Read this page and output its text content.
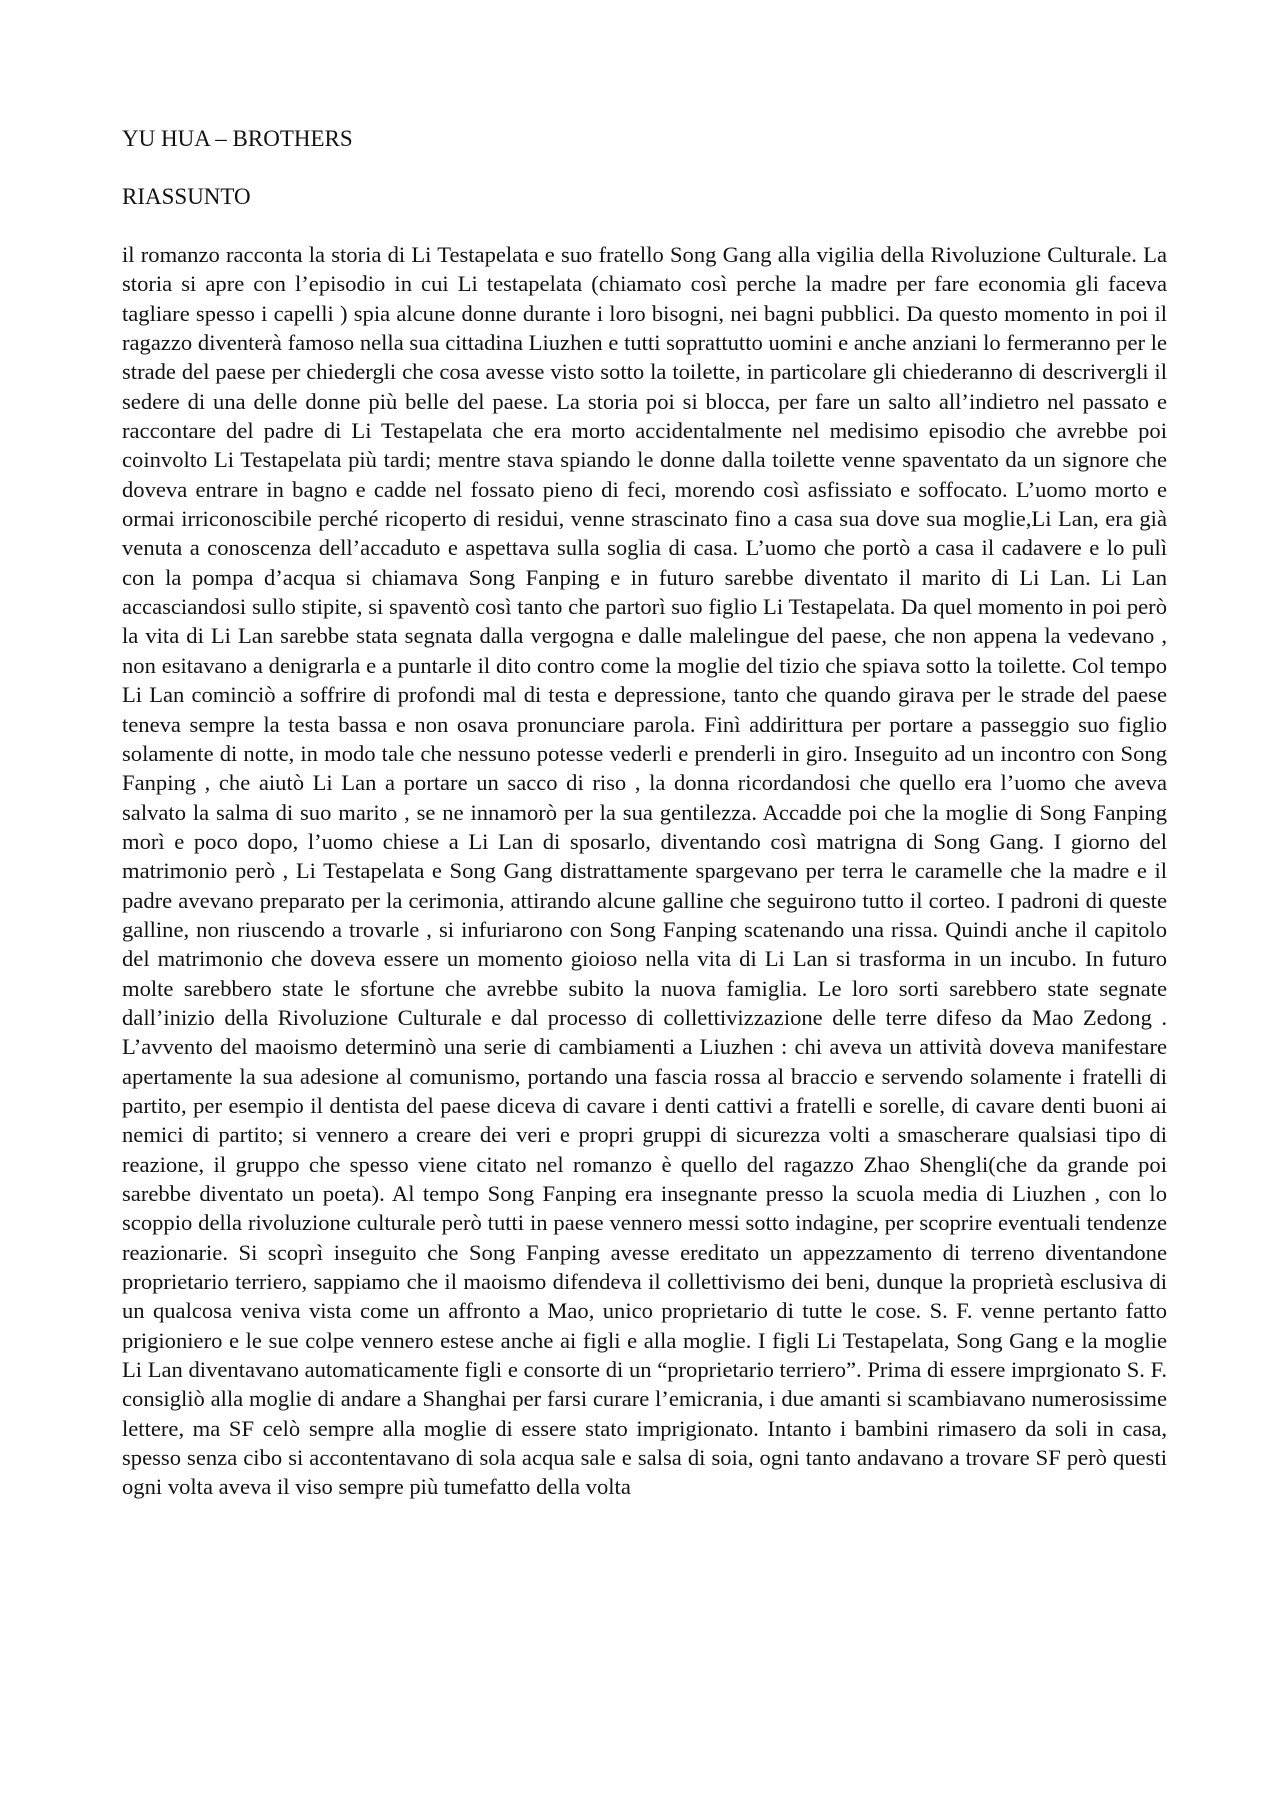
YU HUA – BROTHERS

RIASSUNTO

il romanzo racconta la storia di Li Testapelata e suo fratello Song Gang alla vigilia della Rivoluzione Culturale. La storia si apre con l’episodio in cui Li testapelata (chiamato così perche la madre per fare economia gli faceva tagliare spesso i capelli ) spia alcune donne durante i loro bisogni, nei bagni pubblici. Da questo momento in poi il ragazzo diventerà famoso nella sua cittadina Liuzhen e tutti soprattutto uomini e anche anziani lo fermeranno per le strade del paese per chiedergli che cosa avesse visto sotto la toilette, in particolare gli chiederanno di descrivergli il sedere di una delle donne più belle del paese. La storia poi si blocca, per fare un salto all’indietro nel passato e raccontare del padre di Li Testapelata che era morto accidentalmente nel medisimo episodio che avrebbe poi coinvolto Li Testapelata più tardi; mentre stava spiando le donne dalla toilette venne spaventato da un signore che doveva entrare in bagno e cadde nel fossato pieno di feci, morendo così asfissiato e soffocato. L’uomo morto e ormai irriconoscibile perché ricoperto di residui, venne strascinato fino a casa sua dove sua moglie,Li Lan, era già venuta a conoscenza dell’accaduto e aspettava sulla soglia di casa. L’uomo che portò a casa il cadavere e lo pulì con la pompa d’acqua si chiamava Song Fanping e in futuro sarebbe diventato il marito di Li Lan. Li Lan accasciandosi sullo stipite, si spaventò così tanto che partorì suo figlio Li Testapelata. Da quel momento in poi però la vita di Li Lan sarebbe stata segnata dalla vergogna e dalle malelingue del paese, che non appena la vedevano , non esitavano a denigrarla e a puntarle il dito contro come la moglie del tizio che spiava sotto la toilette. Col tempo Li Lan cominciò a soffrire di profondi mal di testa e depressione, tanto che quando girava per le strade del paese teneva sempre la testa bassa e non osava pronunciare parola. Finì addirittura per portare a passeggio suo figlio solamente di notte, in modo tale che nessuno potesse vederli e prenderli in giro. Inseguito ad un incontro con Song Fanping , che aiutò Li Lan a portare un sacco di riso , la donna ricordandosi che quello era l’uomo che aveva salvato la salma di suo marito , se ne innamorò per la sua gentilezza. Accadde poi che la moglie di Song Fanping morì e poco dopo, l’uomo chiese a Li Lan di sposarlo, diventando così matrigna di Song Gang. I giorno del matrimonio però , Li Testapelata e Song Gang distrattamente spargevano per terra le caramelle che la madre e il padre avevano preparato per la cerimonia, attirando alcune galline che seguirono tutto il corteo. I padroni di queste galline, non riuscendo a trovarle , si infuriarono con Song Fanping scatenando una rissa. Quindi anche il capitolo del matrimonio che doveva essere un momento gioioso nella vita di Li Lan si trasforma in un incubo. In futuro molte sarebbero state le sfortune che avrebbe subito la nuova famiglia. Le loro sorti sarebbero state segnate dall’inizio della Rivoluzione Culturale e dal processo di collettivizzazione delle terre difeso da Mao Zedong . L’avvento del maoismo determinò una serie di cambiamenti a Liuzhen : chi aveva un attività doveva manifestare apertamente la sua adesione al comunismo, portando una fascia rossa al braccio e servendo solamente i fratelli di partito, per esempio il dentista del paese diceva di cavare i denti cattivi a fratelli e sorelle, di cavare denti buoni ai nemici di partito; si vennero a creare dei veri e propri gruppi di sicurezza volti a smascherare qualsiasi tipo di reazione, il gruppo che spesso viene citato nel romanzo è quello del ragazzo Zhao Shengli(che da grande poi sarebbe diventato un poeta). Al tempo Song Fanping era insegnante presso la scuola media di Liuzhen , con lo scoppio della rivoluzione culturale però tutti in paese vennero messi sotto indagine, per scoprire eventuali tendenze reazionarie. Si scoprì inseguito che Song Fanping avesse ereditato un appezzamento di terreno diventandone proprietario terriero, sappiamo che il maoismo difendeva il collettivismo dei beni, dunque la proprietà esclusiva di un qualcosa veniva vista come un affronto a Mao, unico proprietario di tutte le cose. S. F. venne pertanto fatto prigioniero e le sue colpe vennero estese anche ai figli e alla moglie. I figli Li Testapelata, Song Gang e la moglie Li Lan diventavano automaticamente figli e consorte di un “proprietario terriero”. Prima di essere imprgionato S. F. consigliò alla moglie di andare a Shanghai per farsi curare l’emicrania, i due amanti si scambiavano numerosissime lettere, ma SF celò sempre alla moglie di essere stato imprigionato. Intanto i bambini rimasero da soli in casa, spesso senza cibo si accontentavano di sola acqua sale e salsa di soia, ogni tanto andavano a trovare SF però questi ogni volta aveva il viso sempre più tumefatto della volta
